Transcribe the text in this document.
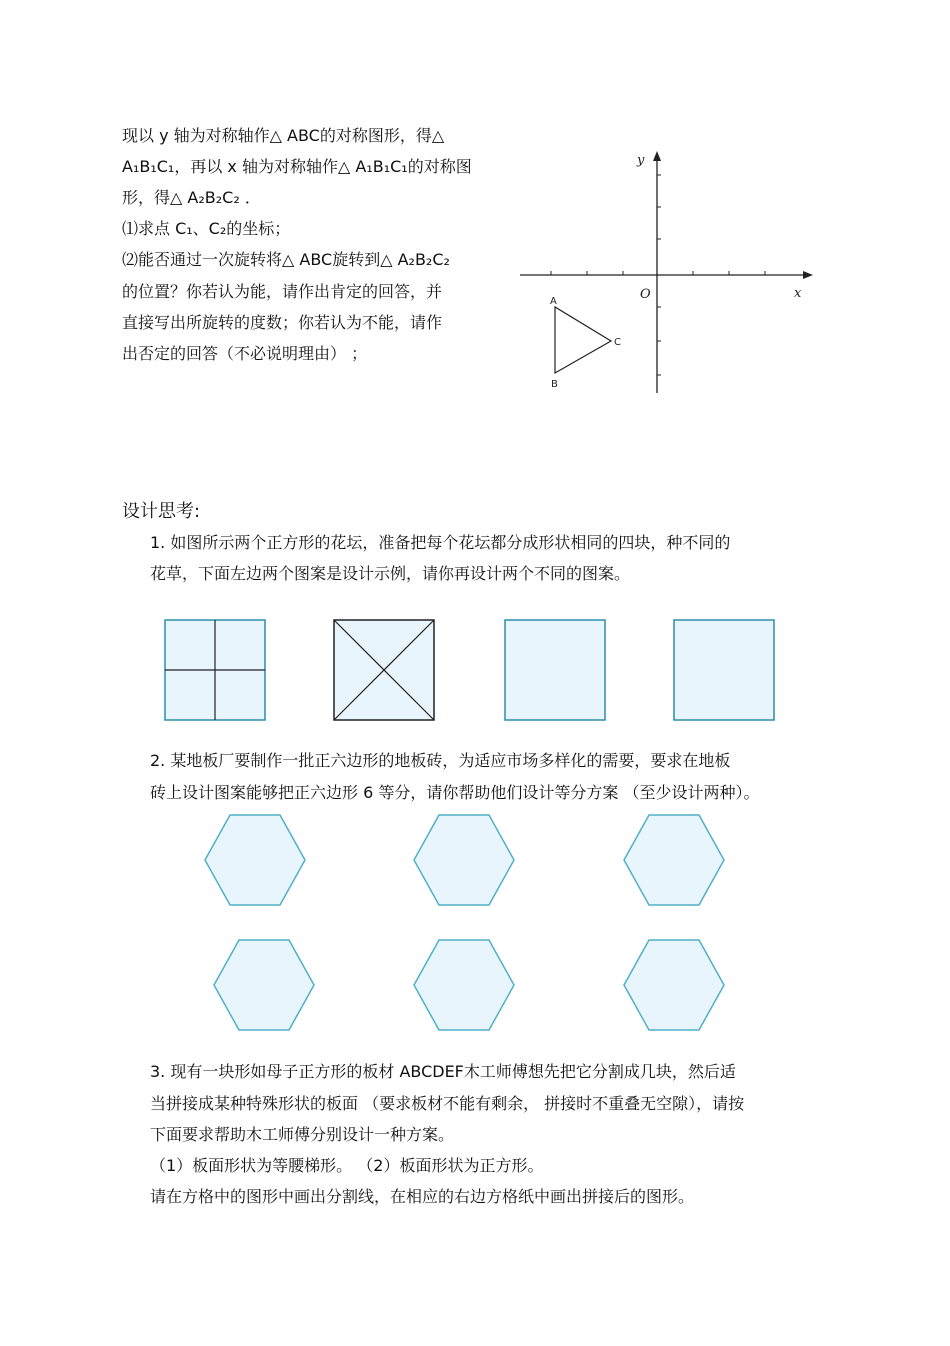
现以 y 轴为对称轴作△ ABC的对称图形，得△
A₁B₁C₁，再以 x 轴为对称轴作△ A₁B₁C₁的对称图
形，得△ A₂B₂C₂ ．
⑴求点 C₁、C₂的坐标；
⑵能否通过一次旋转将△ ABC旋转到△ A₂B₂C₂
的位置？你若认为能，请作出肯定的回答，并
直接写出所旋转的度数；你若认为不能，请作
出否定的回答（不必说明理由） ；
y
x
O
A
B
C
设计思考:
1. 如图所示两个正方形的花坛，准备把每个花坛都分成形状相同的四块，种不同的
花草，下面左边两个图案是设计示例，请你再设计两个不同的图案。
2. 某地板厂要制作一批正六边形的地板砖，为适应市场多样化的需要，要求在地板
砖上设计图案能够把正六边形 6 等分，请你帮助他们设计等分方案 （至少设计两种）。
3. 现有一块形如母子正方形的板材 ABCDEF木工师傅想先把它分割成几块，然后适
当拼接成某种特殊形状的板面 （要求板材不能有剩余， 拼接时不重叠无空隙），请按
下面要求帮助木工师傅分别设计一种方案。
（1）板面形状为等腰梯形。 （2）板面形状为正方形。
请在方格中的图形中画出分割线，在相应的右边方格纸中画出拼接后的图形。
